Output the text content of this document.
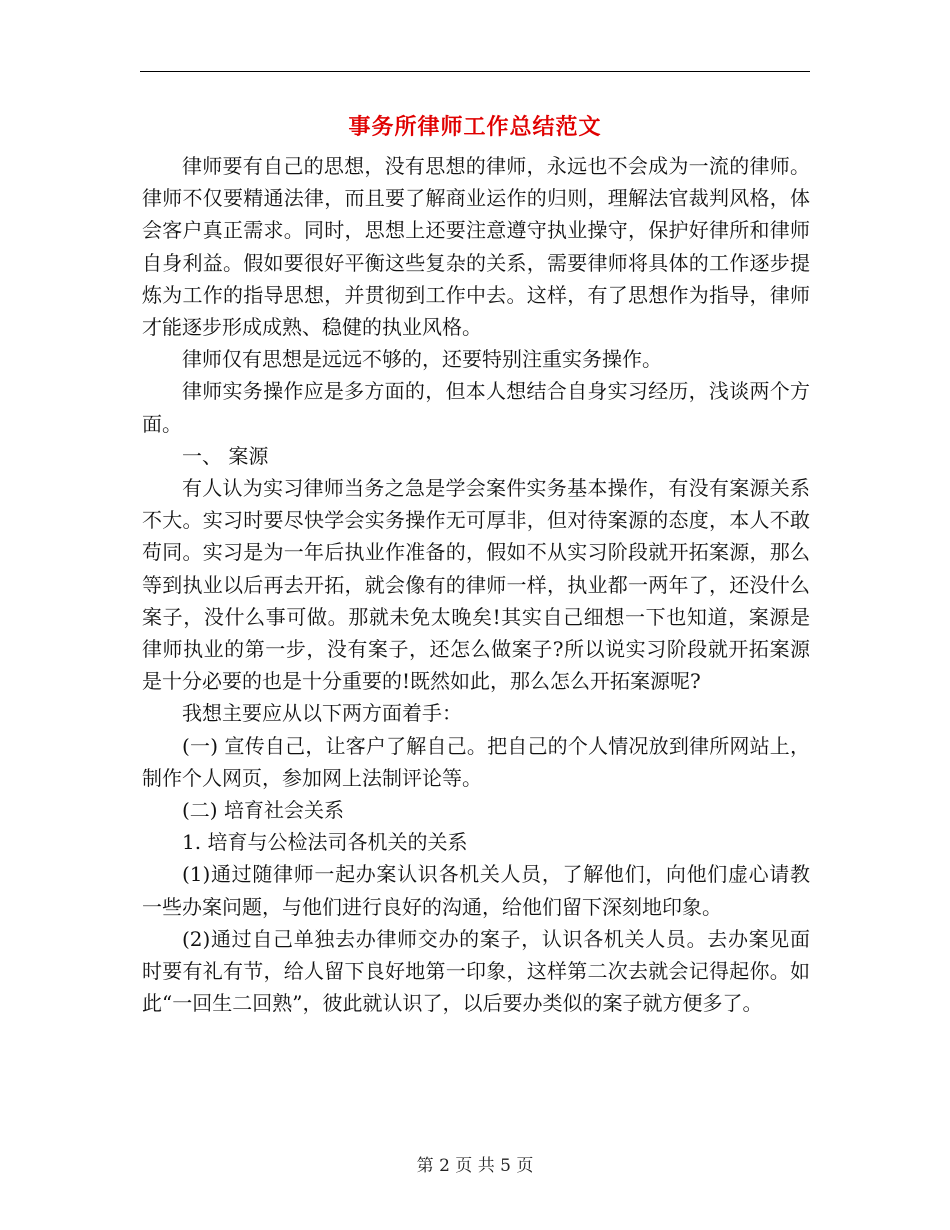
事务所律师工作总结范文

律师要有自己的思想，没有思想的律师，永远也不会成为一流的律师。律师不仅要精通法律，而且要了解商业运作的归则，理解法官裁判风格，体会客户真正需求。同时，思想上还要注意遵守执业操守，保护好律所和律师自身利益。假如要很好平衡这些复杂的关系，需要律师将具体的工作逐步提炼为工作的指导思想，并贯彻到工作中去。这样，有了思想作为指导，律师才能逐步形成成熟、稳健的执业风格。

律师仅有思想是远远不够的，还要特别注重实务操作。

律师实务操作应是多方面的，但本人想结合自身实习经历，浅谈两个方面。

一、 案源

有人认为实习律师当务之急是学会案件实务基本操作，有没有案源关系不大。实习时要尽快学会实务操作无可厚非，但对待案源的态度，本人不敢苟同。实习是为一年后执业作准备的，假如不从实习阶段就开拓案源，那么等到执业以后再去开拓，就会像有的律师一样，执业都一两年了，还没什么案子，没什么事可做。那就未免太晚矣!其实自己细想一下也知道，案源是律师执业的第一步，没有案子，还怎么做案子?所以说实习阶段就开拓案源是十分必要的也是十分重要的!既然如此，那么怎么开拓案源呢?

我想主要应从以下两方面着手：

(一) 宣传自己，让客户了解自己。把自己的个人情况放到律所网站上，制作个人网页，参加网上法制评论等。

(二) 培育社会关系

1. 培育与公检法司各机关的关系

(1)通过随律师一起办案认识各机关人员，了解他们，向他们虚心请教一些办案问题，与他们进行良好的沟通，给他们留下深刻地印象。

(2)通过自己单独去办律师交办的案子，认识各机关人员。去办案见面时要有礼有节，给人留下良好地第一印象，这样第二次去就会记得起你。如此“一回生二回熟”，彼此就认识了，以后要办类似的案子就方便多了。

第 2 页 共 5 页
